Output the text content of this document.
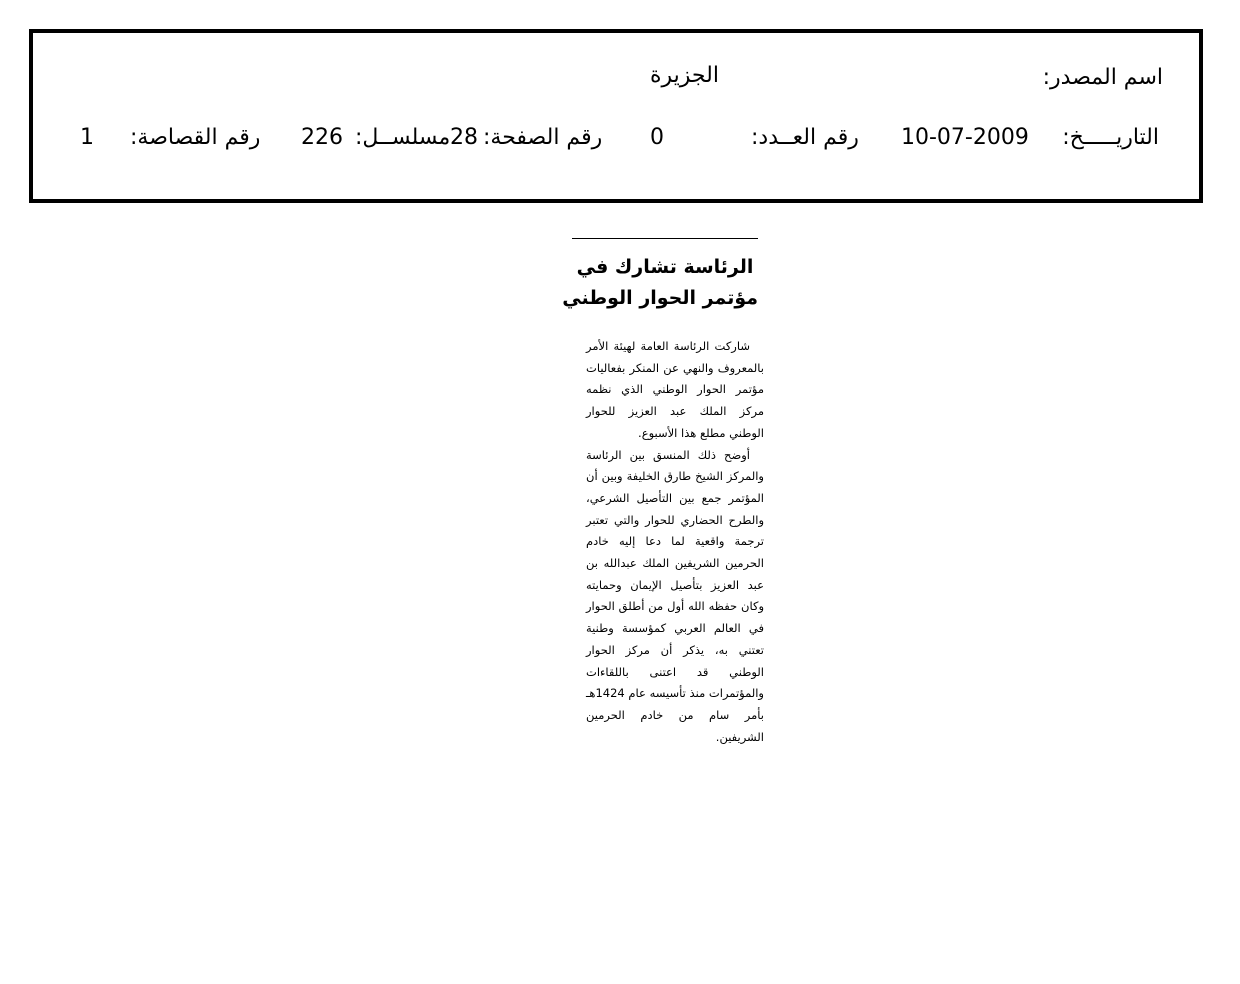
اسم المصدر:
الجزيرة
التاريـــــخ:
10-07-2009
رقم العــدد:
0
رقم الصفحة:
28
مسلســل:
226
رقم القصاصة:
1
الرئاسة تشارك في
مؤتمر الحوار الوطني

شاركت الرئاسة العامة لهيئة الأمر بالمعروف والنهي عن المنكر بفعاليات مؤتمر الحوار الوطني الذي نظمه مركز الملك عبد العزيز للحوار الوطني مطلع هذا الأسبوع.

أوضح ذلك المنسق بين الرئاسة والمركز الشيخ طارق الخليفة وبين أن المؤتمر جمع بين التأصيل الشرعي، والطرح الحضاري للحوار والتي تعتبر ترجمة واقعية لما دعا إليه خادم الحرمين الشريفين الملك عبدالله بن عبد العزيز بتأصيل الإيمان وحمايته وكان حفظه الله أول من أطلق الحوار في العالم العربي كمؤسسة وطنية تعتني به، يذكر أن مركز الحوار الوطني قد اعتنى باللقاءات والمؤتمرات منذ تأسيسه عام 1424هـ بأمر سام من خادم الحرمين الشريفين.
